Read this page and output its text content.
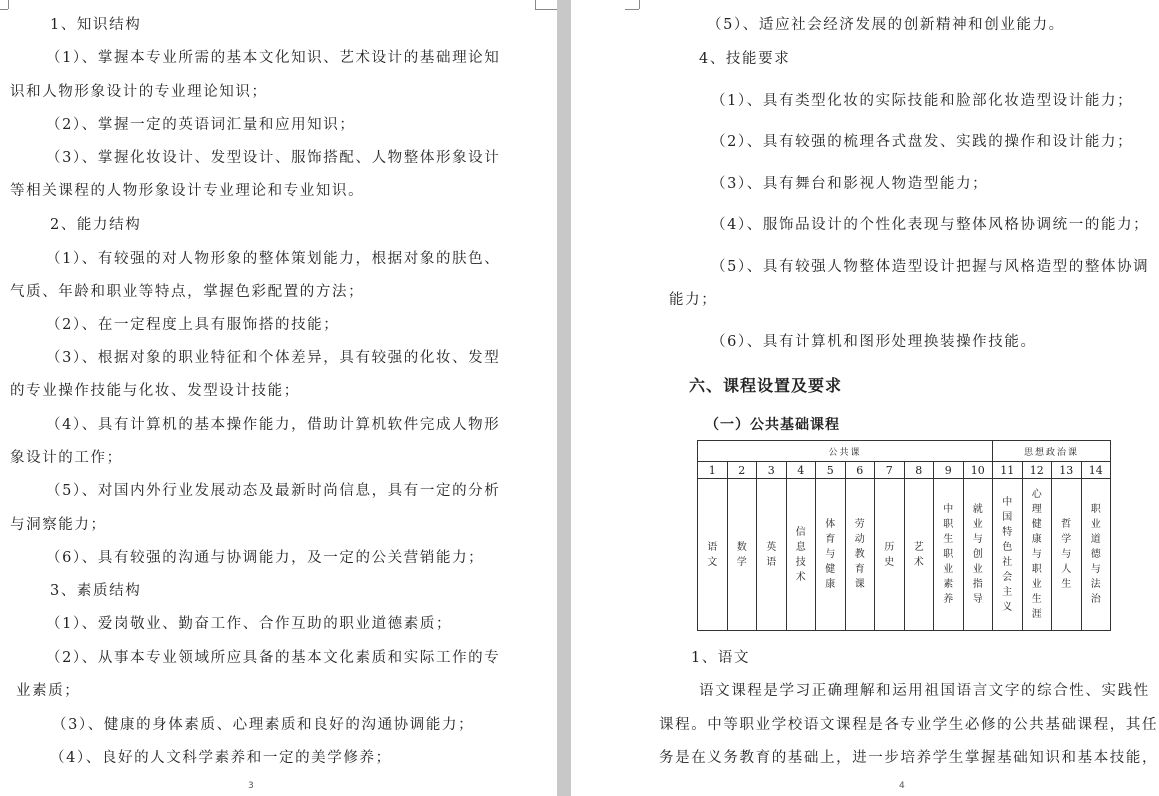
1、知识结构
（1）、掌握本专业所需的基本文化知识、艺术设计的基础理论知
识和人物形象设计的专业理论知识；
（2）、掌握一定的英语词汇量和应用知识；
（3）、掌握化妆设计、发型设计、服饰搭配、人物整体形象设计
等相关课程的人物形象设计专业理论和专业知识。
2、能力结构
（1）、有较强的对人物形象的整体策划能力，根据对象的肤色、
气质、年龄和职业等特点，掌握色彩配置的方法；
（2）、在一定程度上具有服饰搭的技能；
（3）、根据对象的职业特征和个体差异，具有较强的化妆、发型
的专业操作技能与化妆、发型设计技能；
（4）、具有计算机的基本操作能力，借助计算机软件完成人物形
象设计的工作；
（5）、对国内外行业发展动态及最新时尚信息，具有一定的分析
与洞察能力；
（6）、具有较强的沟通与协调能力，及一定的公关营销能力；
3、素质结构
（1）、爱岗敬业、勤奋工作、合作互助的职业道德素质；
（2）、从事本专业领域所应具备的基本文化素质和实际工作的专
业素质；
（3）、健康的身体素质、心理素质和良好的沟通协调能力；
（4）、良好的人文科学素养和一定的美学修养；
3
（5）、适应社会经济发展的创新精神和创业能力。
4、技能要求
（1）、具有类型化妆的实际技能和脸部化妆造型设计能力；
（2）、具有较强的梳理各式盘发、实践的操作和设计能力；
（3）、具有舞台和影视人物造型能力；
（4）、服饰品设计的个性化表现与整体风格协调统一的能力；
（5）、具有较强人物整体造型设计把握与风格造型的整体协调
能力；
（6）、具有计算机和图形处理换装操作技能。
六、课程设置及要求
（一）公共基础课程
公共课										思想政治课			
1	2	3	4	5	6	7	8	9	10	11	12	13	14
语文	数学	英语	信息技术	体育与健康	劳动教育课	历史	艺术	中职生职业素养	就业与创业指导	中国特色社会主义	心理健康与职业生涯	哲学与人生	职业道德与法治
1、语文
语文课程是学习正确理解和运用祖国语言文字的综合性、实践性
课程。中等职业学校语文课程是各专业学生必修的公共基础课程，其任
务是在义务教育的基础上，进一步培养学生掌握基础知识和基本技能，
4
